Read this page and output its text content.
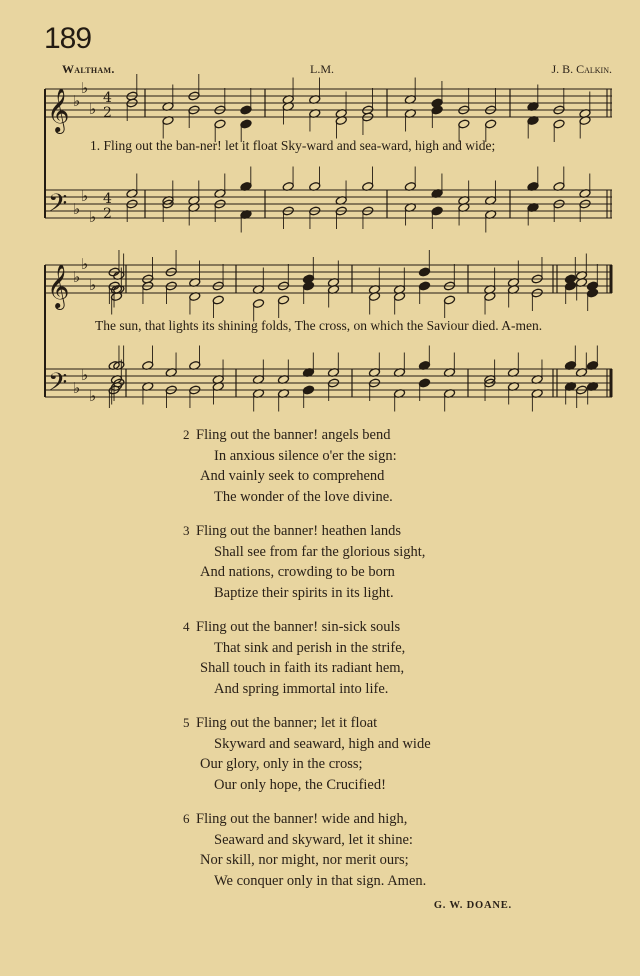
189
Waltham.	L.M.	J. B. Calkin.
𝄞
𝄢
♭
♭
♭
♭
♭
♭
4
2
4
2
𝄞
𝄢
♭
♭
♭
♭
♭
♭
1. Fling out the ban-ner! let it float Sky-ward and sea-ward, high and wide;
The sun, that lights its shining folds, The cross, on which the Saviour died. A-men.
2 Fling out the banner! angels bend
In anxious silence o'er the sign:
And vainly seek to comprehend
The wonder of the love divine.
3 Fling out the banner! heathen lands
Shall see from far the glorious sight,
And nations, crowding to be born
Baptize their spirits in its light.
4 Fling out the banner! sin-sick souls
That sink and perish in the strife,
Shall touch in faith its radiant hem,
And spring immortal into life.
5 Fling out the banner; let it float
Skyward and seaward, high and wide
Our glory, only in the cross;
Our only hope, the Crucified!
6 Fling out the banner! wide and high,
Seaward and skyward, let it shine:
Nor skill, nor might, nor merit ours;
We conquer only in that sign. Amen.
G. W. DOANE.
